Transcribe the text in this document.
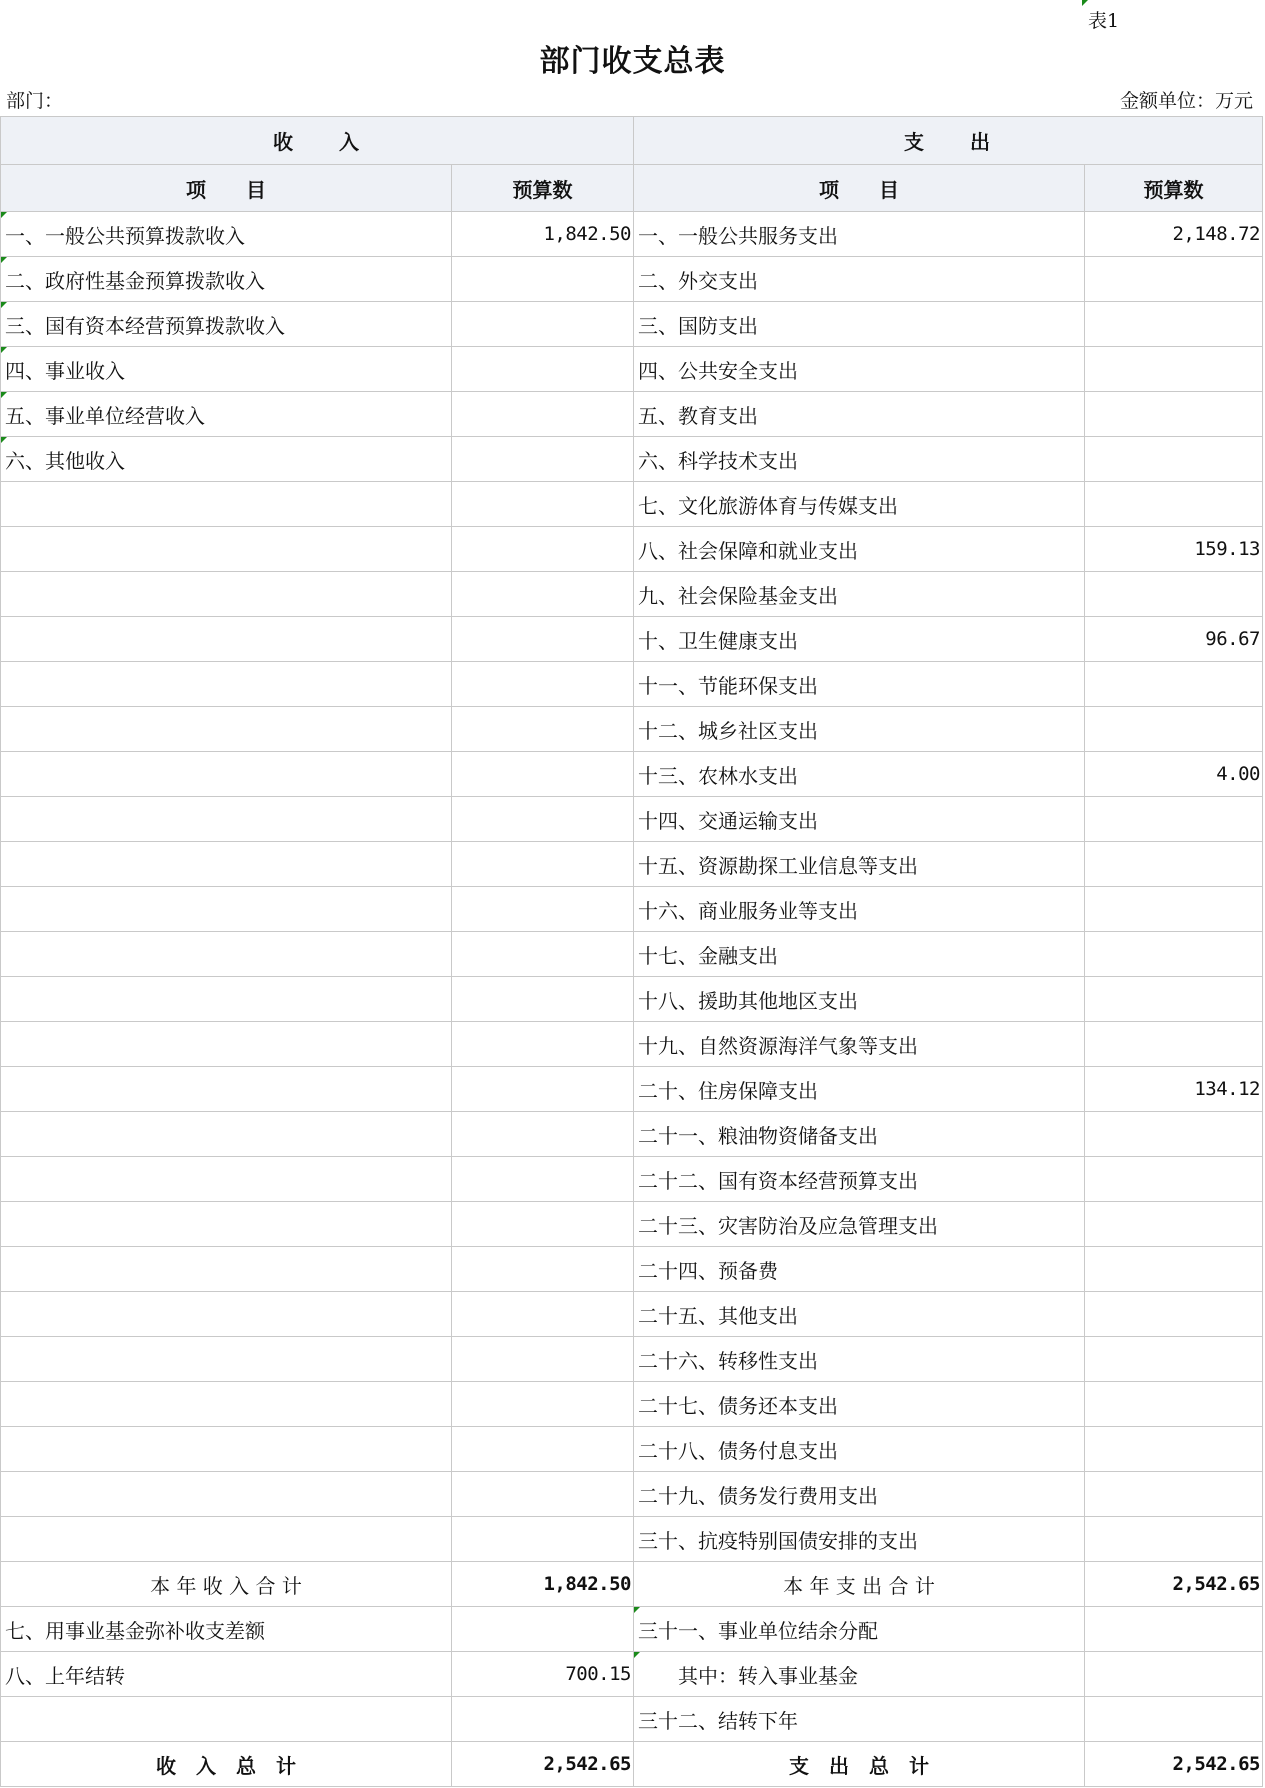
表1
部门收支总表
部门：	金额单位：万元
收　　入		支　　出	
项　　目	预算数	项　　目	预算数

一、一般公共预算拨款收入	1,842.50	一、一般公共服务支出	2,148.72

二、政府性基金预算拨款收入		二、外交支出	

三、国有资本经营预算拨款收入		三、国防支出	

四、事业收入		四、公共安全支出	

五、事业单位经营收入		五、教育支出	

六、其他收入		六、科学技术支出	
		七、文化旅游体育与传媒支出	
		八、社会保障和就业支出	159.13
		九、社会保险基金支出	
		十、卫生健康支出	96.67
		十一、节能环保支出	
		十二、城乡社区支出	
		十三、农林水支出	4.00
		十四、交通运输支出	
		十五、资源勘探工业信息等支出	
		十六、商业服务业等支出	
		十七、金融支出	
		十八、援助其他地区支出	
		十九、自然资源海洋气象等支出	
		二十、住房保障支出	134.12
		二十一、粮油物资储备支出	
		二十二、国有资本经营预算支出	
		二十三、灾害防治及应急管理支出	
		二十四、预备费	
		二十五、其他支出	
		二十六、转移性支出	
		二十七、债务还本支出	
		二十八、债务付息支出	
		二十九、债务发行费用支出	
		三十、抗疫特别国债安排的支出	
本 年 收 入 合 计	1,842.50	本 年 支 出 合 计	2,542.65
七、用事业基金弥补收支差额		三十一、事业单位结余分配	
八、上年结转	700.15	其中：转入事业基金	
		三十二、结转下年	
收　入　总　计	2,542.65	支　出　总　计	2,542.65
